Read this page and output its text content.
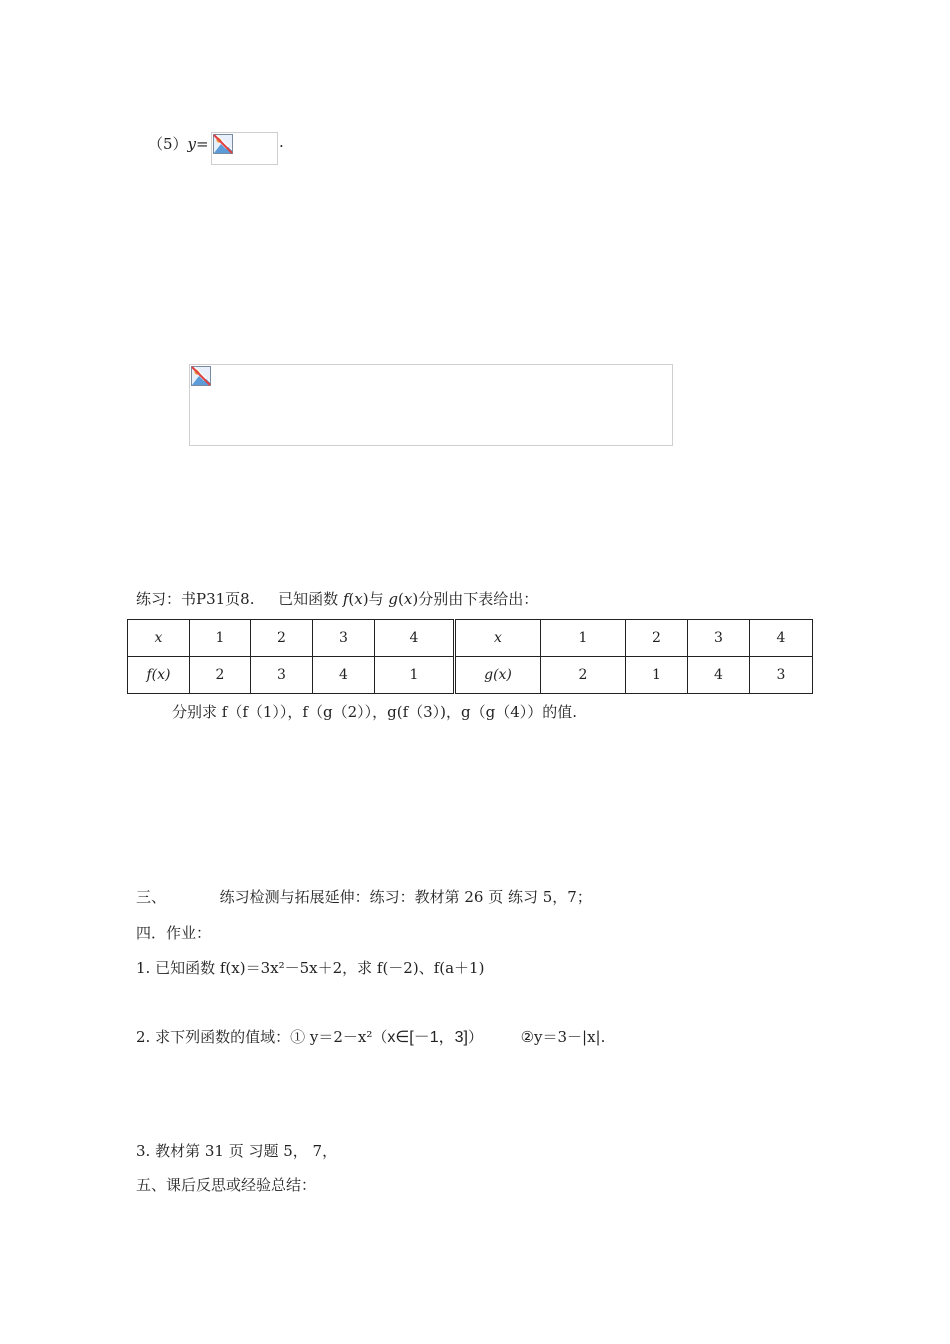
（5）y=	.
练习：书P31页8. 已知函数 f(x)与 g(x)分别由下表给出：
x	1	2	3	4	x	1	2	3	4
f(x)	2	3	4	1	g(x)	2	1	4	3
分别求 f（f（1）），f（g（2）），g(f（3）)，g（g（4））的值.
三、	练习检测与拓展延伸：练习：教材第 26 页 练习 5，7；
四．作业：
1. 已知函数 f(x)＝3x²－5x＋2，求 f(－2)、f(a＋1)
2. 求下列函数的值域：① y＝2－x²（x∈[－1，3]）	②y＝3－|x|.
3. 教材第 31 页 习题 5， 7，
五、课后反思或经验总结：
